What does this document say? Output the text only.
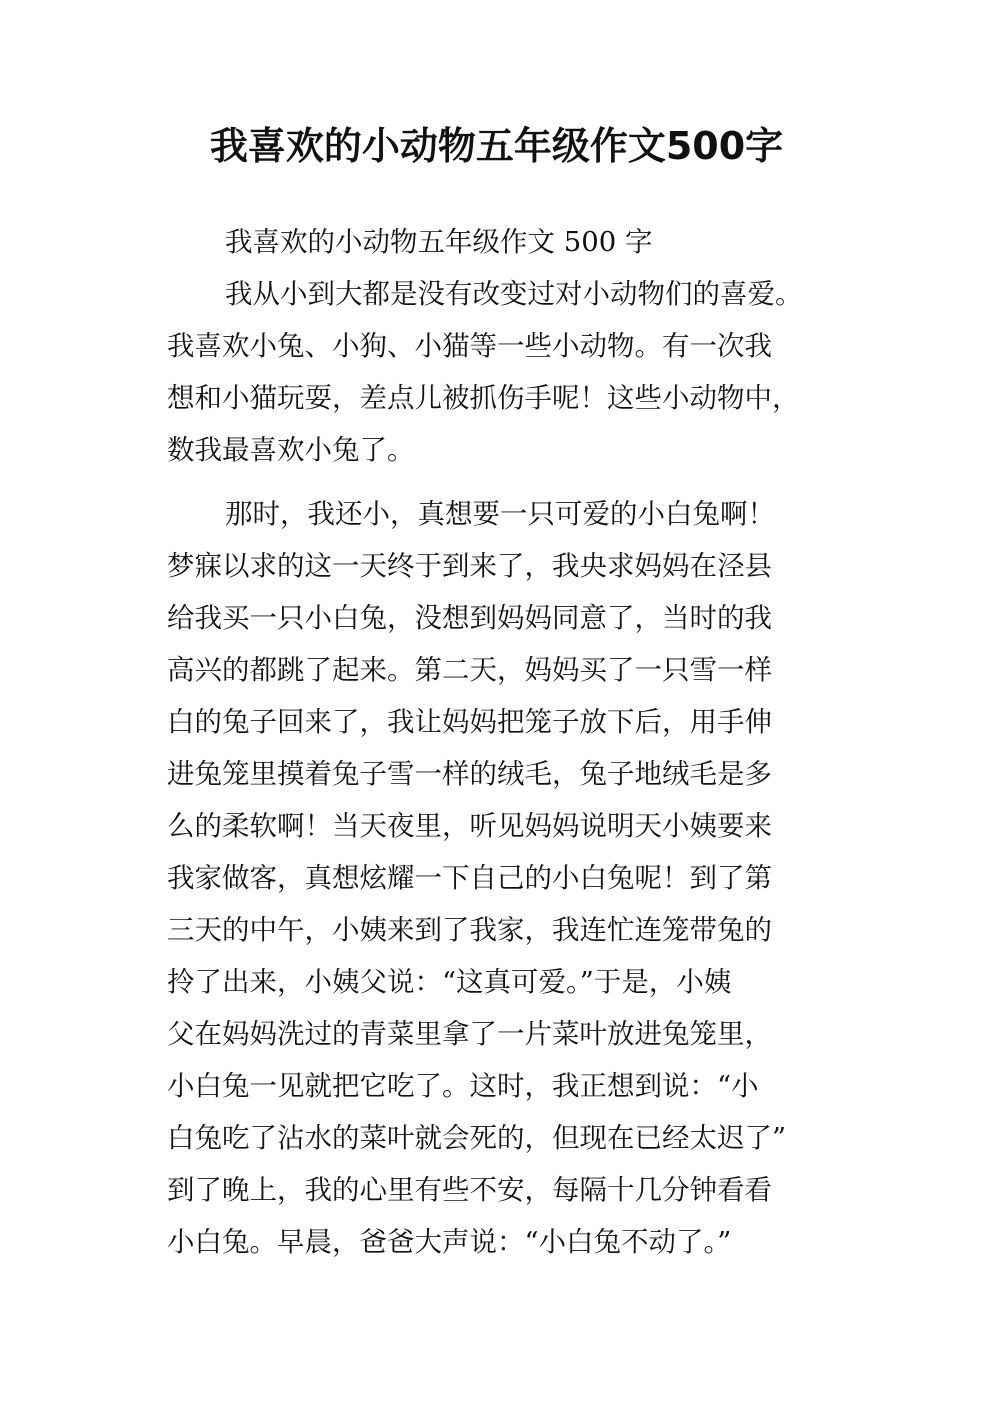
我喜欢的小动物五年级作文500字
我喜欢的小动物五年级作文 500 字
我从小到大都是没有改变过对小动物们的喜爱。
我喜欢小兔、小狗、小猫等一些小动物。有一次我
想和小猫玩耍，差点儿被抓伤手呢！这些小动物中，
数我最喜欢小兔了。
那时，我还小，真想要一只可爱的小白兔啊！
梦寐以求的这一天终于到来了，我央求妈妈在泾县
给我买一只小白兔，没想到妈妈同意了，当时的我
高兴的都跳了起来。第二天，妈妈买了一只雪一样
白的兔子回来了，我让妈妈把笼子放下后，用手伸
进兔笼里摸着兔子雪一样的绒毛，兔子地绒毛是多
么的柔软啊！当天夜里，听见妈妈说明天小姨要来
我家做客，真想炫耀一下自己的小白兔呢！到了第
三天的中午，小姨来到了我家，我连忙连笼带兔的
拎了出来，小姨父说：“这真可爱。”于是，小姨
父在妈妈洗过的青菜里拿了一片菜叶放进兔笼里，
小白兔一见就把它吃了。这时，我正想到说：“小
白兔吃了沾水的菜叶就会死的，但现在已经太迟了”
到了晚上，我的心里有些不安，每隔十几分钟看看
小白兔。早晨，爸爸大声说：“小白兔不动了。”
